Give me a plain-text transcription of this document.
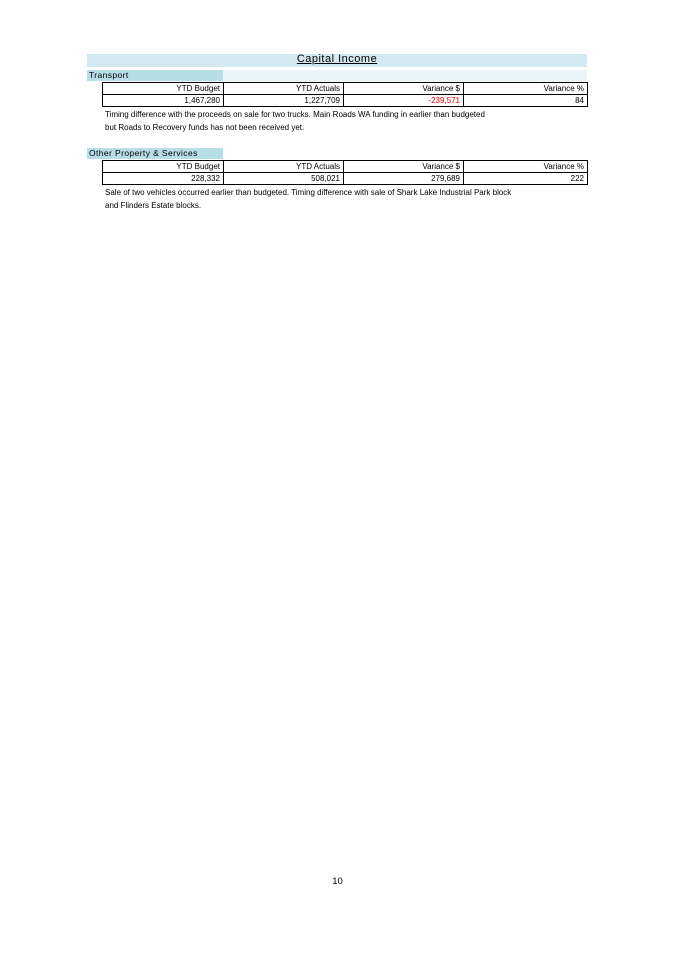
Capital Income
Transport
YTD Budget	YTD Actuals	Variance $	Variance %
1,467,280	1,227,709	-239,571	84
Timing difference with the proceeds on sale for two trucks. Main Roads WA funding in earlier than budgeted
but Roads to Recovery funds has not been received yet.
Other Property & Services
YTD Budget	YTD Actuals	Variance $	Variance %
228,332	508,021	279,689	222
Sale of two vehicles occurred earlier than budgeted. Timing difference with sale of Shark Lake Industrial Park block
and Flinders Estate blocks.
10
